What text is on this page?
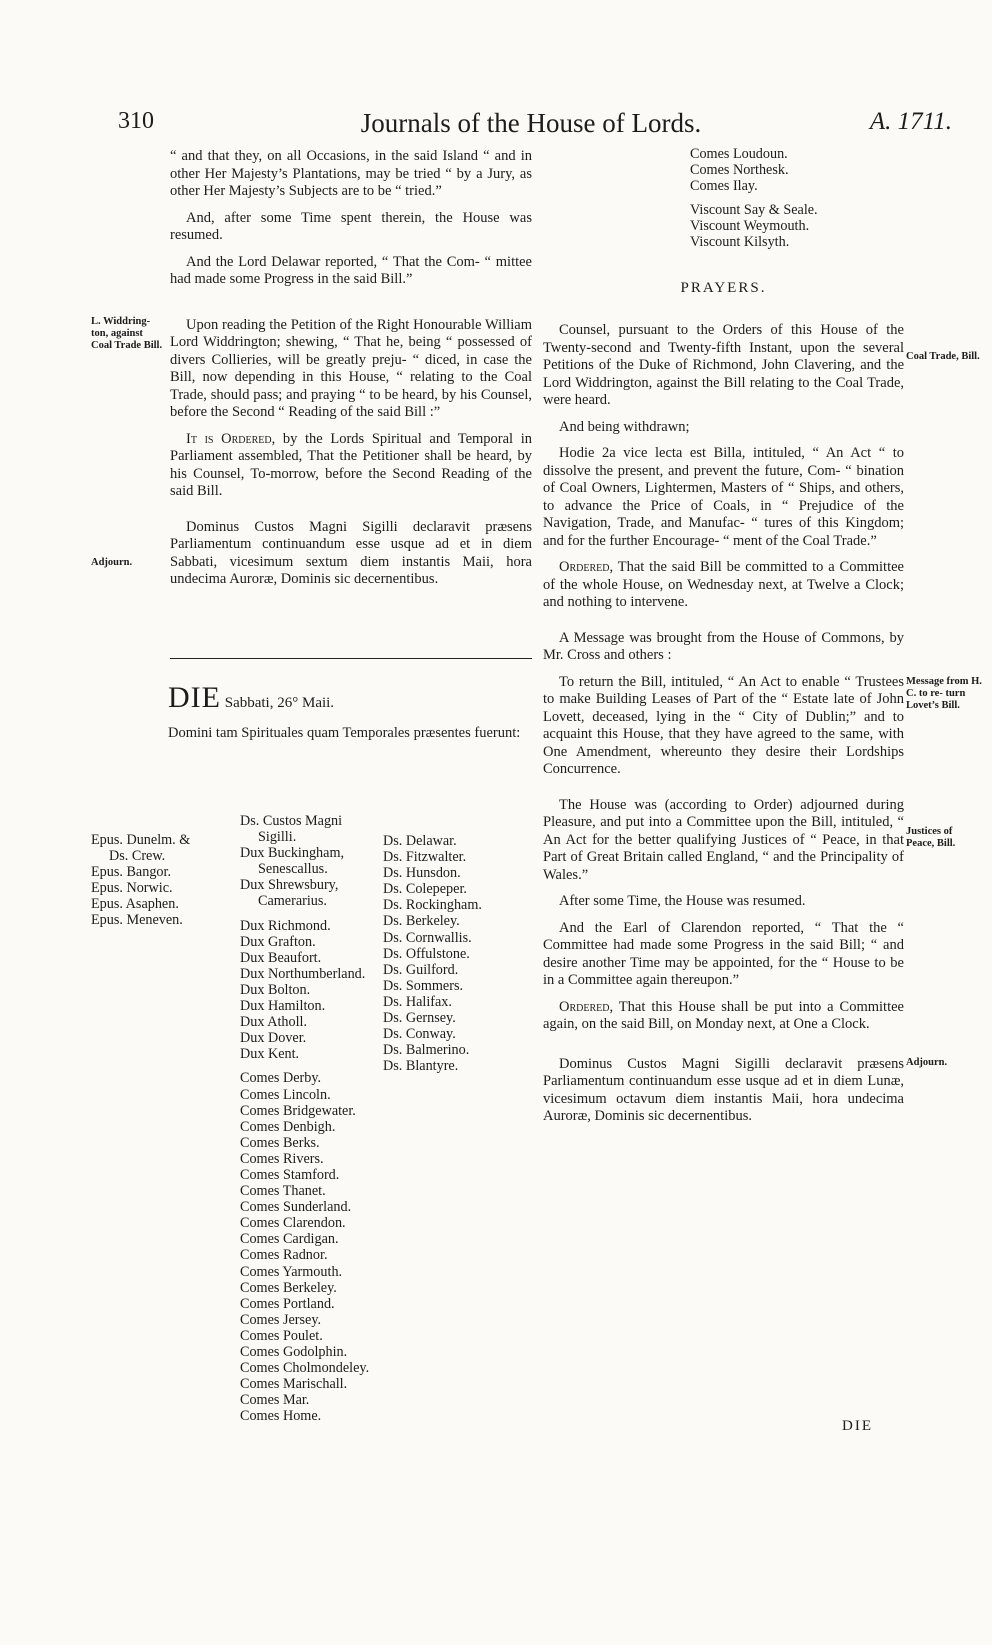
310	Journals of the House of Lords.	A. 1711.

“ and that they, on all Occasions, in the said Island “ and in other Her Majesty’s Plantations, may be tried “ by a Jury, as other Her Majesty’s Subjects are to be “ tried.”

And, after some Time spent therein, the House was resumed.

And the Lord Delawar reported, “ That the Com- “ mittee had made some Progress in the said Bill.”

Upon reading the Petition of the Right Honourable William Lord Widdrington; shewing, “ That he, being “ possessed of divers Collieries, will be greatly preju- “ diced, in case the Bill, now depending in this House, “ relating to the Coal Trade, should pass; and praying “ to be heard, by his Counsel, before the Second “ Reading of the said Bill :”

It is Ordered, by the Lords Spiritual and Temporal in Parliament assembled, That the Petitioner shall be heard, by his Counsel, To-morrow, before the Second Reading of the said Bill.

Dominus Custos Magni Sigilli declaravit præsens Parliamentum continuandum esse usque ad et in diem Sabbati, vicesimum sextum diem instantis Maii, hora undecima Auroræ, Dominis sic decernentibus.

L. Widdring- ton, against Coal Trade Bill.
Adjourn.
DIE Sabbati, 26° Maii.
Domini tam Spirituales quam Temporales præsentes fuerunt:
Epus. Dunelm. &
Ds. Crew.
Epus. Bangor.
Epus. Norwic.
Epus. Asaphen.
Epus. Meneven.
Ds. Custos Magni
Sigilli.
Dux Buckingham,
Senescallus.
Dux Shrewsbury,
Camerarius.
Dux Richmond.
Dux Grafton.
Dux Beaufort.
Dux Northumberland.
Dux Bolton.
Dux Hamilton.
Dux Atholl.
Dux Dover.
Dux Kent.
Comes Derby.
Comes Lincoln.
Comes Bridgewater.
Comes Denbigh.
Comes Berks.
Comes Rivers.
Comes Stamford.
Comes Thanet.
Comes Sunderland.
Comes Clarendon.
Comes Cardigan.
Comes Radnor.
Comes Yarmouth.
Comes Berkeley.
Comes Portland.
Comes Jersey.
Comes Poulet.
Comes Godolphin.
Comes Cholmondeley.
Comes Marischall.
Comes Mar.
Comes Home.
Ds. Delawar.
Ds. Fitzwalter.
Ds. Hunsdon.
Ds. Colepeper.
Ds. Rockingham.
Ds. Berkeley.
Ds. Cornwallis.
Ds. Offulstone.
Ds. Guilford.
Ds. Sommers.
Ds. Halifax.
Ds. Gernsey.
Ds. Conway.
Ds. Balmerino.
Ds. Blantyre.
Comes Loudoun.
Comes Northesk.
Comes Ilay.
Viscount Say & Seale.
Viscount Weymouth.
Viscount Kilsyth.
PRAYERS.

Counsel, pursuant to the Orders of this House of the Twenty-second and Twenty-fifth Instant, upon the several Petitions of the Duke of Richmond, John Clavering, and the Lord Widdrington, against the Bill relating to the Coal Trade, were heard.

And being withdrawn;

Hodie 2a vice lecta est Billa, intituled, “ An Act “ to dissolve the present, and prevent the future, Com- “ bination of Coal Owners, Lightermen, Masters of “ Ships, and others, to advance the Price of Coals, in “ Prejudice of the Navigation, Trade, and Manufac- “ tures of this Kingdom; and for the further Encourage- “ ment of the Coal Trade.”

Ordered, That the said Bill be committed to a Committee of the whole House, on Wednesday next, at Twelve a Clock; and nothing to intervene.

A Message was brought from the House of Commons, by Mr. Cross and others :

To return the Bill, intituled, “ An Act to enable “ Trustees to make Building Leases of Part of the “ Estate late of John Lovett, deceased, lying in the “ City of Dublin;” and to acquaint this House, that they have agreed to the same, with One Amendment, whereunto they desire their Lordships Concurrence.

The House was (according to Order) adjourned during Pleasure, and put into a Committee upon the Bill, intituled, “ An Act for the better qualifying Justices of “ Peace, in that Part of Great Britain called England, “ and the Principality of Wales.”

After some Time, the House was resumed.

And the Earl of Clarendon reported, “ That the “ Committee had made some Progress in the said Bill; “ and desire another Time may be appointed, for the “ House to be in a Committee again thereupon.”

Ordered, That this House shall be put into a Committee again, on the said Bill, on Monday next, at One a Clock.

Dominus Custos Magni Sigilli declaravit præsens Parliamentum continuandum esse usque ad et in diem Lunæ, vicesimum octavum diem instantis Maii, hora undecima Auroræ, Dominis sic decernentibus.

Coal Trade, Bill.
Message from H. C. to re- turn Lovet’s Bill.
Justices of Peace, Bill.
Adjourn.
DIE
